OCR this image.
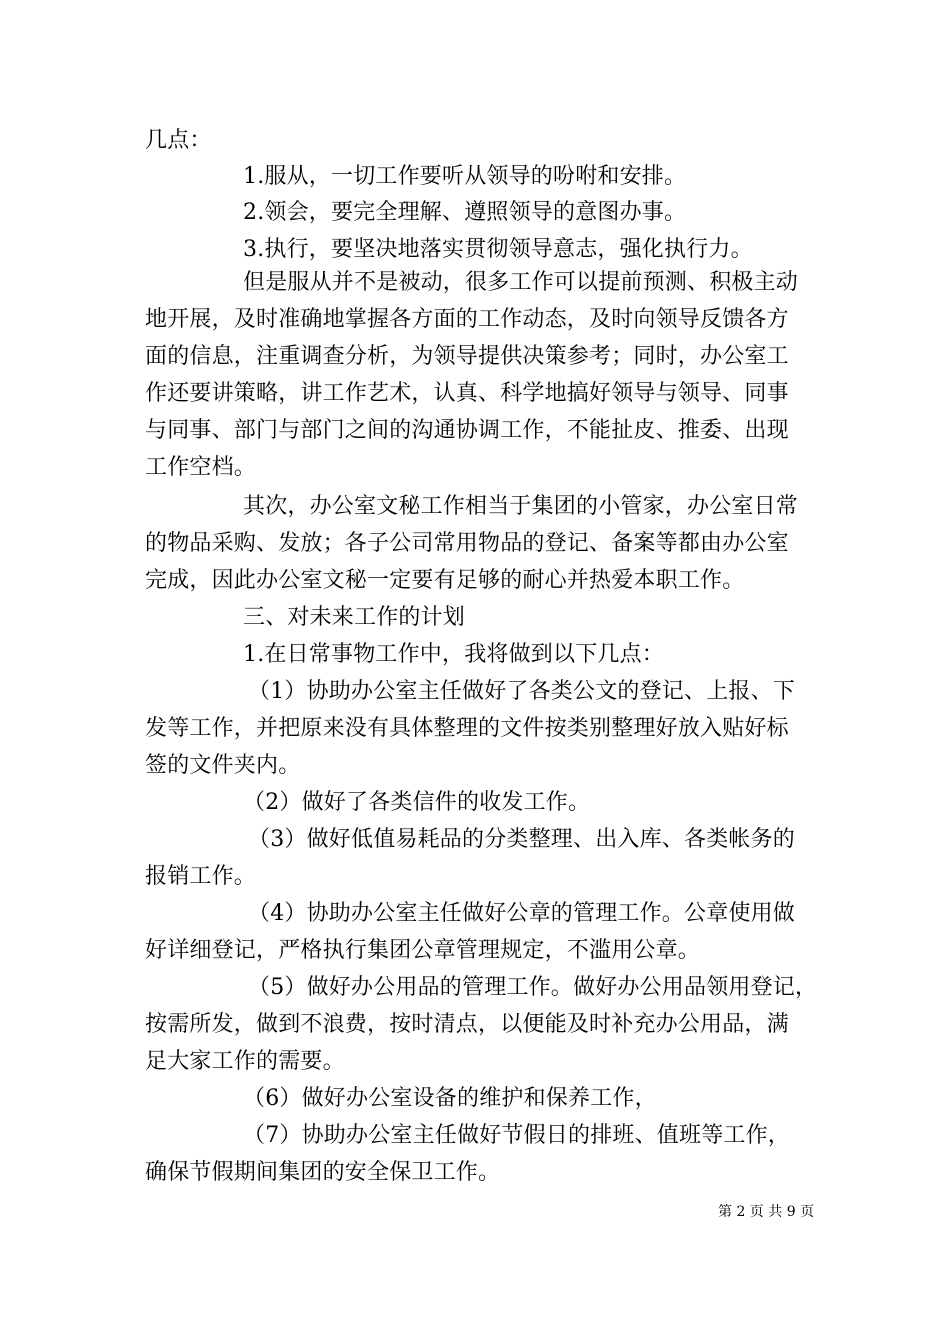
几点：
1.服从，一切工作要听从领导的吩咐和安排。
2.领会，要完全理解、遵照领导的意图办事。
3.执行，要坚决地落实贯彻领导意志，强化执行力。
但是服从并不是被动，很多工作可以提前预测、积极主动
地开展，及时准确地掌握各方面的工作动态，及时向领导反馈各方
面的信息，注重调查分析，为领导提供决策参考；同时，办公室工
作还要讲策略，讲工作艺术，认真、科学地搞好领导与领导、同事
与同事、部门与部门之间的沟通协调工作，不能扯皮、推委、出现
工作空档。
其次，办公室文秘工作相当于集团的小管家，办公室日常
的物品采购、发放；各子公司常用物品的登记、备案等都由办公室
完成，因此办公室文秘一定要有足够的耐心并热爱本职工作。
三、对未来工作的计划
1.在日常事物工作中，我将做到以下几点：
（1）协助办公室主任做好了各类公文的登记、上报、下
发等工作，并把原来没有具体整理的文件按类别整理好放入贴好标
签的文件夹内。
（2）做好了各类信件的收发工作。
（3）做好低值易耗品的分类整理、出入库、各类帐务的
报销工作。
（4）协助办公室主任做好公章的管理工作。公章使用做
好详细登记，严格执行集团公章管理规定，不滥用公章。
（5）做好办公用品的管理工作。做好办公用品领用登记，
按需所发，做到不浪费，按时清点，以便能及时补充办公用品，满
足大家工作的需要。
（6）做好办公室设备的维护和保养工作，
（7）协助办公室主任做好节假日的排班、值班等工作，
确保节假期间集团的安全保卫工作。
第 2 页 共 9 页
